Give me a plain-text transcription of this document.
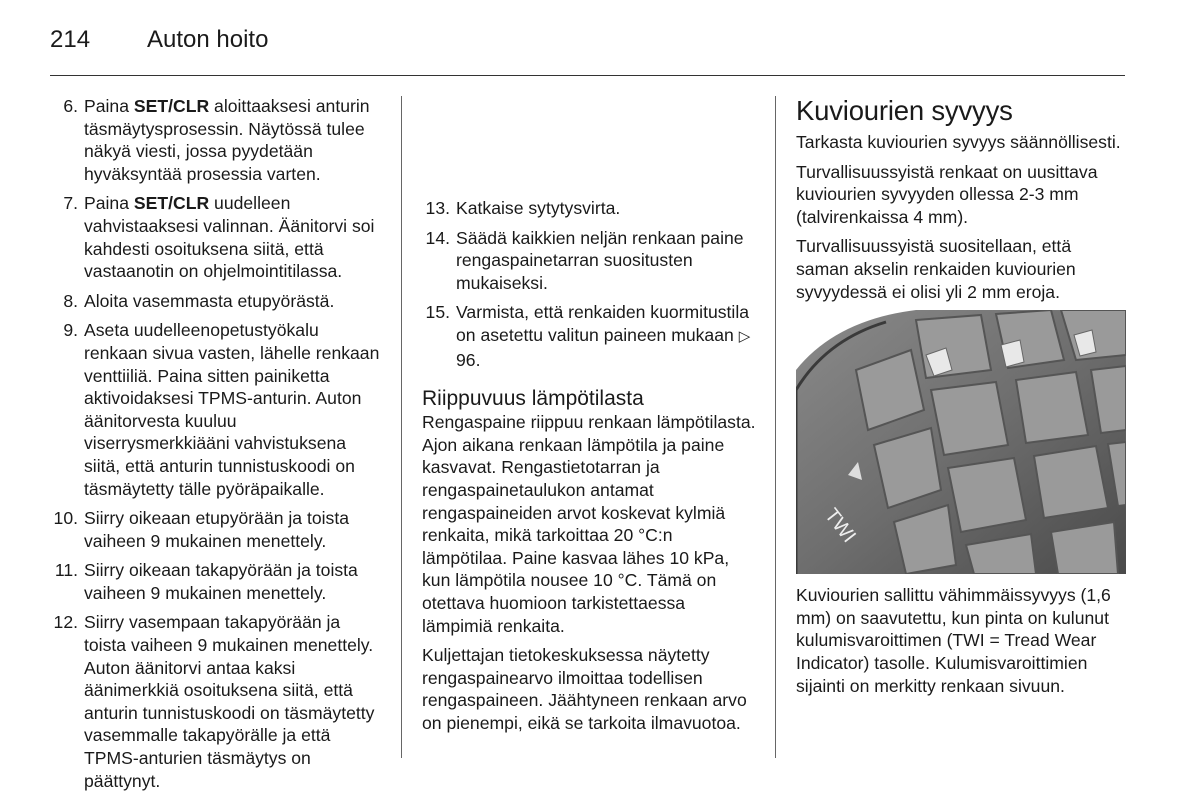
214 Auton hoito
6. Paina SET/CLR aloittaaksesi anturin täsmäytysprosessin. Näytössä tulee näkyä viesti, jossa pyydetään hyväksyntää prosessia varten.
7. Paina SET/CLR uudelleen vahvistaaksesi valinnan. Äänitorvi soi kahdesti osoituksena siitä, että vastaanotin on ohjelmointitilassa.
8. Aloita vasemmasta etupyörästä.
9. Aseta uudelleenopetustyökalu renkaan sivua vasten, lähelle renkaan venttiiliä. Paina sitten painiketta aktivoidaksesi TPMS-anturin. Auton äänitorvesta kuuluu viserrysmerkkiääni vahvistuksena siitä, että anturin tunnistuskoodi on täsmäytetty tälle pyöräpaikalle.
10. Siirry oikeaan etupyörään ja toista vaiheen 9 mukainen menettely.
11. Siirry oikeaan takapyörään ja toista vaiheen 9 mukainen menettely.
12. Siirry vasempaan takapyörään ja toista vaiheen 9 mukainen menettely. Auton äänitorvi antaa kaksi äänimerkkiä osoituksena siitä, että anturin tunnistuskoodi on täsmäytetty vasemmalle takapyörälle ja että TPMS-anturien täsmäytys on päättynyt.
13. Katkaise sytytysvirta.
14. Säädä kaikkien neljän renkaan paine rengaspainetarran suositusten mukaiseksi.
15. Varmista, että renkaiden kuormitustila on asetettu valitun paineen mukaan ▷ 96.
Riippuvuus lämpötilasta

Rengaspaine riippuu renkaan lämpötilasta. Ajon aikana renkaan lämpötila ja paine kasvavat. Rengastietotarran ja rengaspainetaulukon antamat rengaspaineiden arvot koskevat kylmiä renkaita, mikä tarkoittaa 20 °C:n lämpötilaa. Paine kasvaa lähes 10 kPa, kun lämpötila nousee 10 °C. Tämä on otettava huomioon tarkistettaessa lämpimiä renkaita.

Kuljettajan tietokeskuksessa näytetty rengaspainearvo ilmoittaa todellisen rengaspaineen. Jäähtyneen renkaan arvo on pienempi, eikä se tarkoita ilmavuotoa.

Kuviourien syvyys

Tarkasta kuviourien syvyys säännöllisesti.

Turvallisuussyistä renkaat on uusittava kuviourien syvyyden ollessa 2-3 mm (talvirenkaissa 4 mm).

Turvallisuussyistä suositellaan, että saman akselin renkaiden kuviourien syvyydessä ei olisi yli 2 mm eroja.

TWI

Kuviourien sallittu vähimmäissyvyys (1,6 mm) on saavutettu, kun pinta on kulunut kulumisvaroittimen (TWI = Tread Wear Indicator) tasolle. Kulumisvaroittimien sijainti on merkitty renkaan sivuun.
